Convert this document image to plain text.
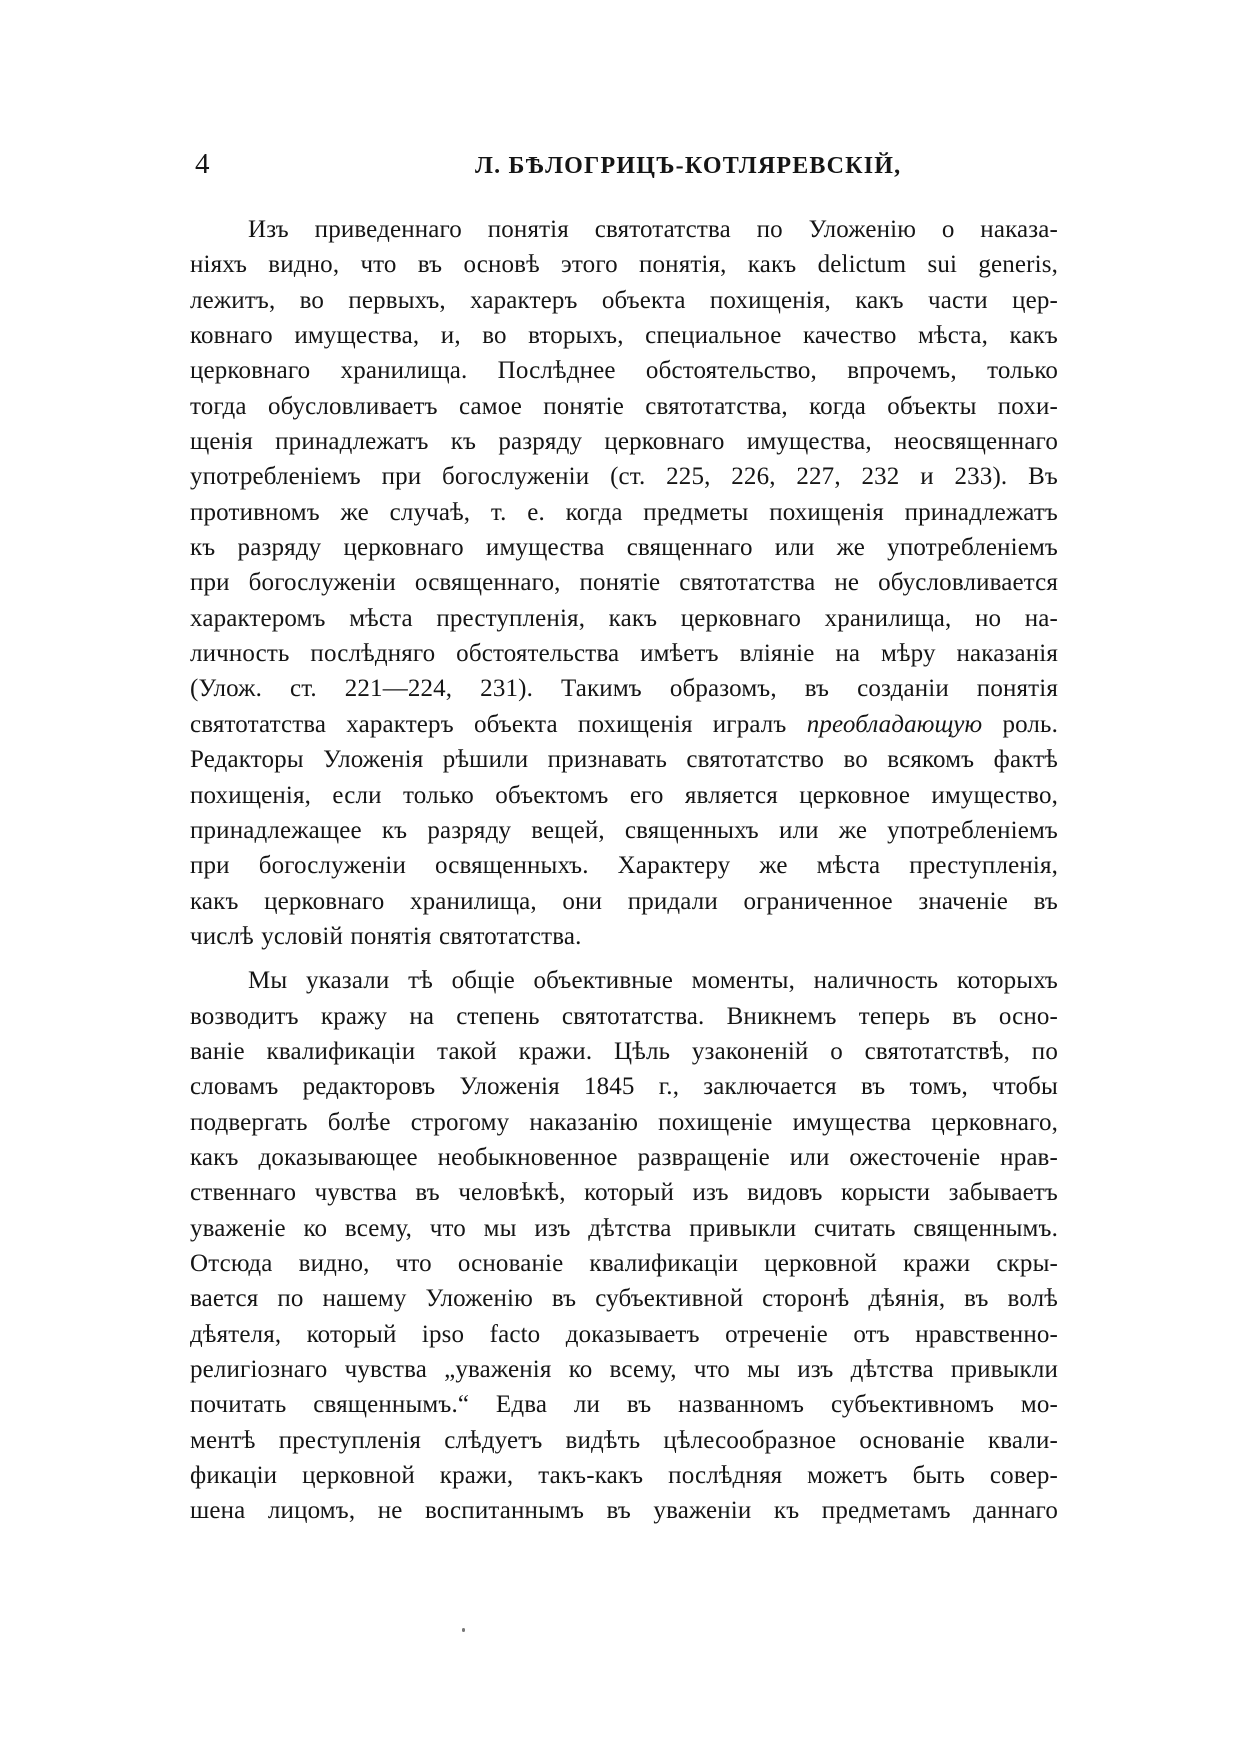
4	Л. БѢЛОГРИЦЪ-КОТЛЯРЕВСКІЙ,
Изъ приведеннаго понятія святотатства по Уложенію о наказа-
ніяхъ видно, что въ основѣ этого понятія, какъ delictum sui generis,
лежитъ, во первыхъ, характеръ объекта похищенія, какъ части цер-
ковнаго имущества, и, во вторыхъ, специальное качество мѣста, какъ
церковнаго хранилища. Послѣднее обстоятельство, впрочемъ, только
тогда обусловливаетъ самое понятіе святотатства, когда объекты похи-
щенія принадлежатъ къ разряду церковнаго имущества, неосвященнаго
употребленіемъ при богослуженіи (ст. 225, 226, 227, 232 и 233). Въ
противномъ же случаѣ, т. е. когда предметы похищенія принадлежатъ
къ разряду церковнаго имущества священнаго или же употребленіемъ
при богослуженіи освященнаго, понятіе святотатства не обусловливается
характеромъ мѣста преступленія, какъ церковнаго хранилища, но на-
личность послѣдняго обстоятельства имѣетъ вліяніе на мѣру наказанія
(Улож. ст. 221—224, 231). Такимъ образомъ, въ созданіи понятія
святотатства характеръ объекта похищенія игралъ преобладающую роль.
Редакторы Уложенія рѣшили признавать святотатство во всякомъ фактѣ
похищенія, если только объектомъ его является церковное имущество,
принадлежащее къ разряду вещей, священныхъ или же употребленіемъ
при богослуженіи освященныхъ. Характеру же мѣста преступленія,
какъ церковнаго хранилища, они придали ограниченное значеніе въ
числѣ условій понятія святотатства.
Мы указали тѣ общіе объективные моменты, наличность которыхъ
возводитъ кражу на степень святотатства. Вникнемъ теперь въ осно-
ваніе квалификаціи такой кражи. Цѣль узаконеній о святотатствѣ, по
словамъ редакторовъ Уложенія 1845 г., заключается въ томъ, чтобы
подвергать болѣе строгому наказанію похищеніе имущества церковнаго,
какъ доказывающее необыкновенное развращеніе или ожесточеніе нрав-
ственнаго чувства въ человѣкѣ, который изъ видовъ корысти забываетъ
уваженіе ко всему, что мы изъ дѣтства привыкли считать священнымъ.
Отсюда видно, что основаніе квалификаціи церковной кражи скры-
вается по нашему Уложенію въ субъективной сторонѣ дѣянія, въ волѣ
дѣятеля, который ipso facto доказываетъ отреченіе отъ нравственно-
религіознаго чувства „уваженія ко всему, что мы изъ дѣтства привыкли
почитать священнымъ.“ Едва ли въ названномъ субъективномъ мо-
ментѣ преступленія слѣдуетъ видѣть цѣлесообразное основаніе квали-
фикаціи церковной кражи, такъ-какъ послѣдняя можетъ быть совер-
шена лицомъ, не воспитаннымъ въ уваженіи къ предметамъ даннаго
